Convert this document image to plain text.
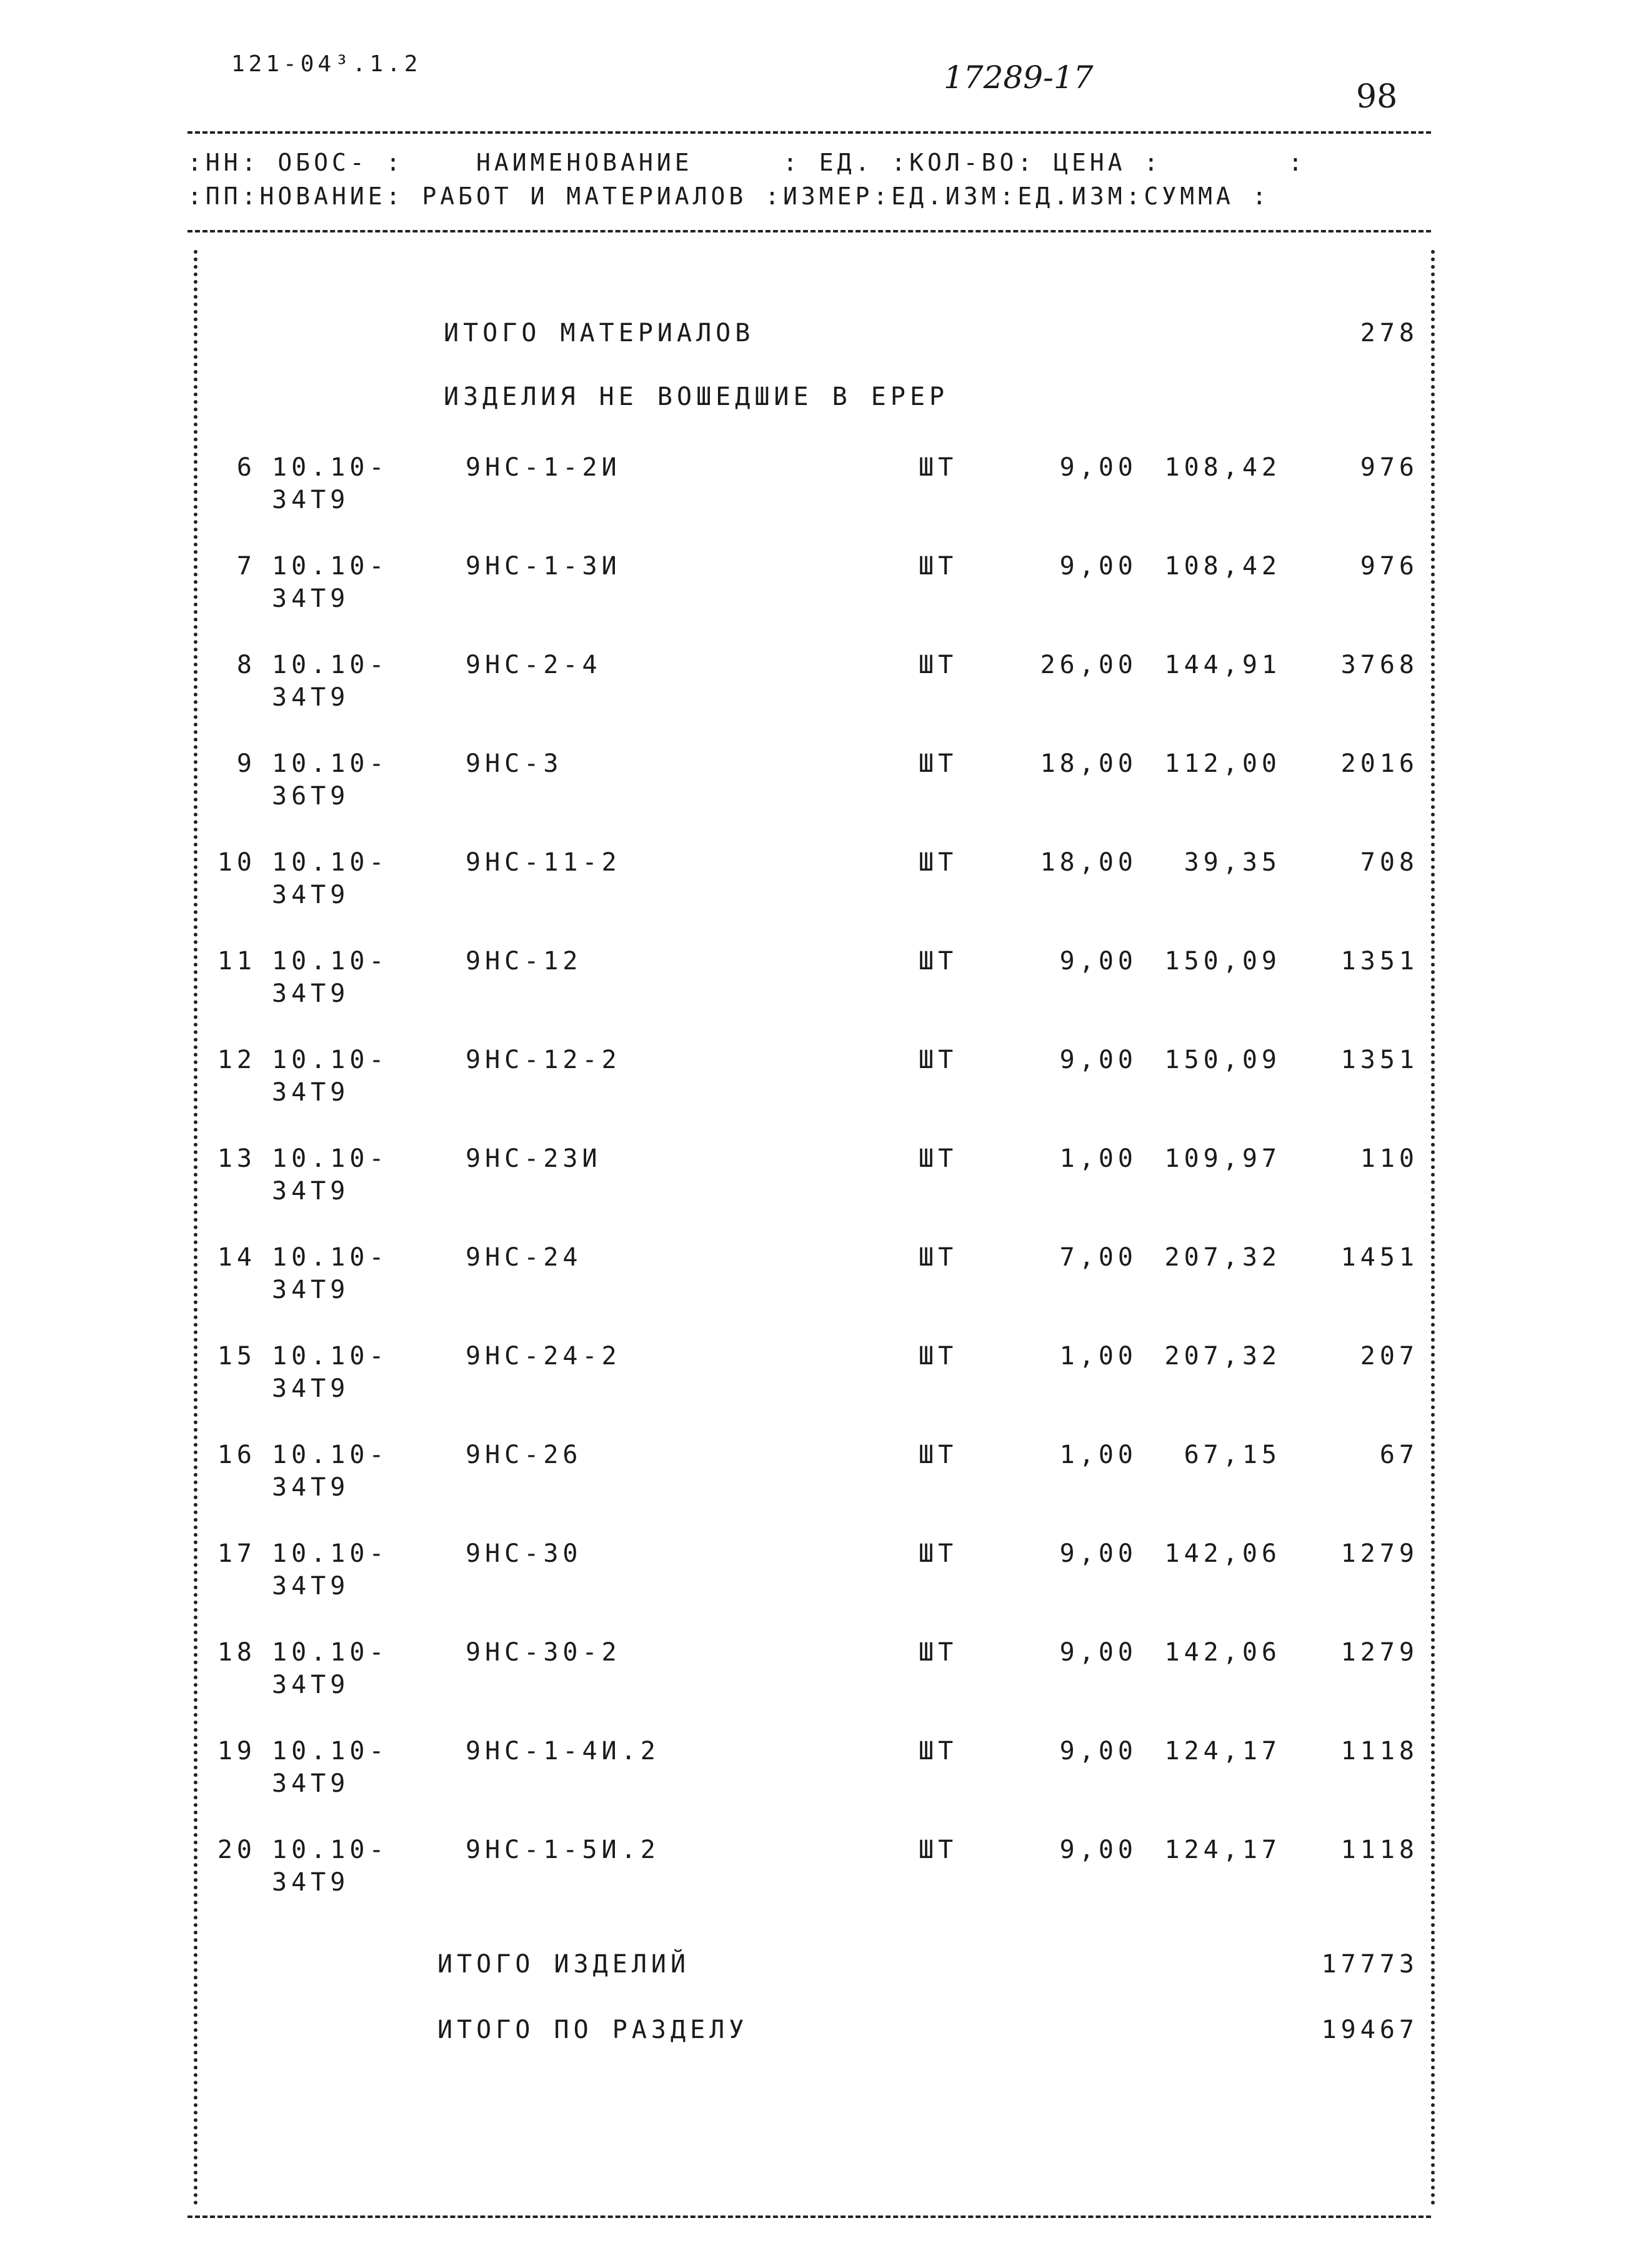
121-04³.1.2	17289-17
98
:НН: ОБОС- :    НАИМЕНОВАНИЕ     : ЕД. :КОЛ-ВО: ЦЕНА :       :
:ПП:НОВАНИЕ: РАБОТ И МАТЕРИАЛОВ :ИЗМЕР:ЕД.ИЗМ:ЕД.ИЗМ:СУММА :
ИТОГО МАТЕРИАЛОВ	278
ИЗДЕЛИЯ НЕ ВОШЕДШИЕ В ЕРЕР
6 10.10-
34Т9
9НС-1-2И	ШТ	9,00	108,42	976
7 10.10-
34Т9
9НС-1-3И	ШТ	9,00	108,42	976
8 10.10-
34Т9
9НС-2-4	ШТ	26,00	144,91	3768
9 10.10-
36Т9
9НС-3	ШТ	18,00	112,00	2016
10 10.10-
34Т9
9НС-11-2	ШТ	18,00	39,35	708
11 10.10-
34Т9
9НС-12	ШТ	9,00	150,09	1351
12 10.10-
34Т9
9НС-12-2	ШТ	9,00	150,09	1351
13 10.10-
34Т9
9НС-23И	ШТ	1,00	109,97	110
14 10.10-
34Т9
9НС-24	ШТ	7,00	207,32	1451
15 10.10-
34Т9
9НС-24-2	ШТ	1,00	207,32	207
16 10.10-
34Т9
9НС-26	ШТ	1,00	67,15	67
17 10.10-
34Т9
9НС-30	ШТ	9,00	142,06	1279
18 10.10-
34Т9
9НС-30-2	ШТ	9,00	142,06	1279
19 10.10-
34Т9
9НС-1-4И.2	ШТ	9,00	124,17	1118
20 10.10-
34Т9
9НС-1-5И.2	ШТ	9,00	124,17	1118
ИТОГО ИЗДЕЛИЙ	17773
ИТОГО ПО РАЗДЕЛУ	19467
